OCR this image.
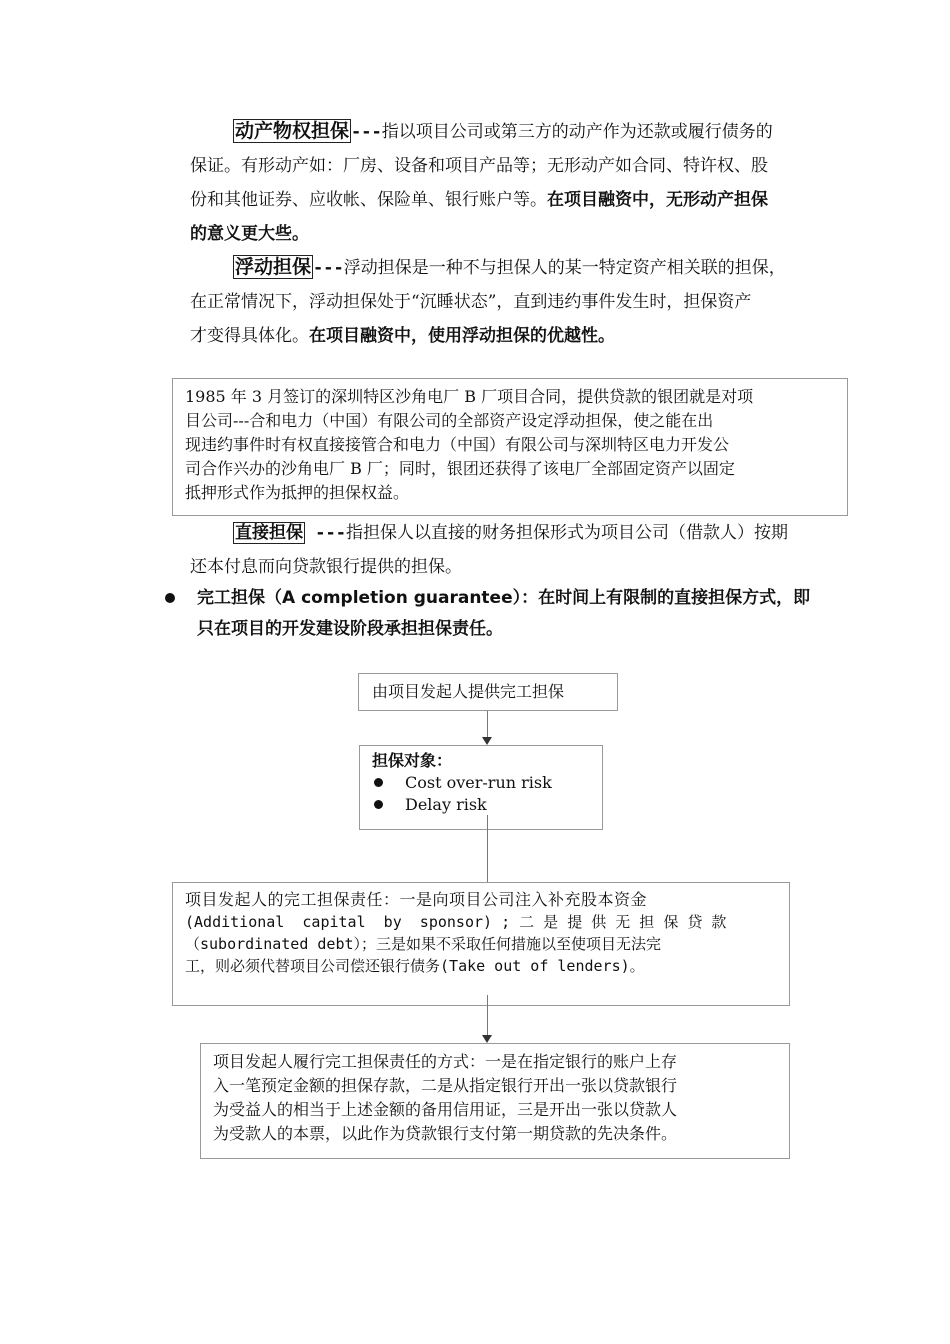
动产物权担保 ---指以项目公司或第三方的动产作为还款或履行债务的
保证。有形动产如：厂房、设备和项目产品等；无形动产如合同、特许权、股
份和其他证券、应收帐、保险单、银行账户等。在项目融资中，无形动产担保
的意义更大些。
浮动担保 ---浮动担保是一种不与担保人的某一特定资产相关联的担保，
在正常情况下，浮动担保处于“沉睡状态”，直到违约事件发生时，担保资产
才变得具体化。在项目融资中，使用浮动担保的优越性。
1985 年 3 月签订的深圳特区沙角电厂 B 厂项目合同，提供贷款的银团就是对项
目公司---合和电力（中国）有限公司的全部资产设定浮动担保，使之能在出
现违约事件时有权直接接管合和电力（中国）有限公司与深圳特区电力开发公
司合作兴办的沙角电厂 B 厂；同时，银团还获得了该电厂全部固定资产以固定
抵押形式作为抵押的担保权益。
直接担保 ---指担保人以直接的财务担保形式为项目公司（借款人）按期
还本付息而向贷款银行提供的担保。
完工担保（A completion guarantee）：在时间上有限制的直接担保方式，即
只在项目的开发建设阶段承担担保责任。
由项目发起人提供完工担保
担保对象：
Cost over-run risk
Delay risk
项目发起人的完工担保责任：一是向项目公司注入补充股本资金
(Additional  capital  by  sponsor) ; 二 是 提 供 无 担 保 贷 款
（subordinated debt）；三是如果不采取任何措施以至使项目无法完
工，则必须代替项目公司偿还银行债务(Take out of lenders)。
项目发起人履行完工担保责任的方式：一是在指定银行的账户上存
入一笔预定金额的担保存款，二是从指定银行开出一张以贷款银行
为受益人的相当于上述金额的备用信用证，三是开出一张以贷款人
为受款人的本票，以此作为贷款银行支付第一期贷款的先决条件。
